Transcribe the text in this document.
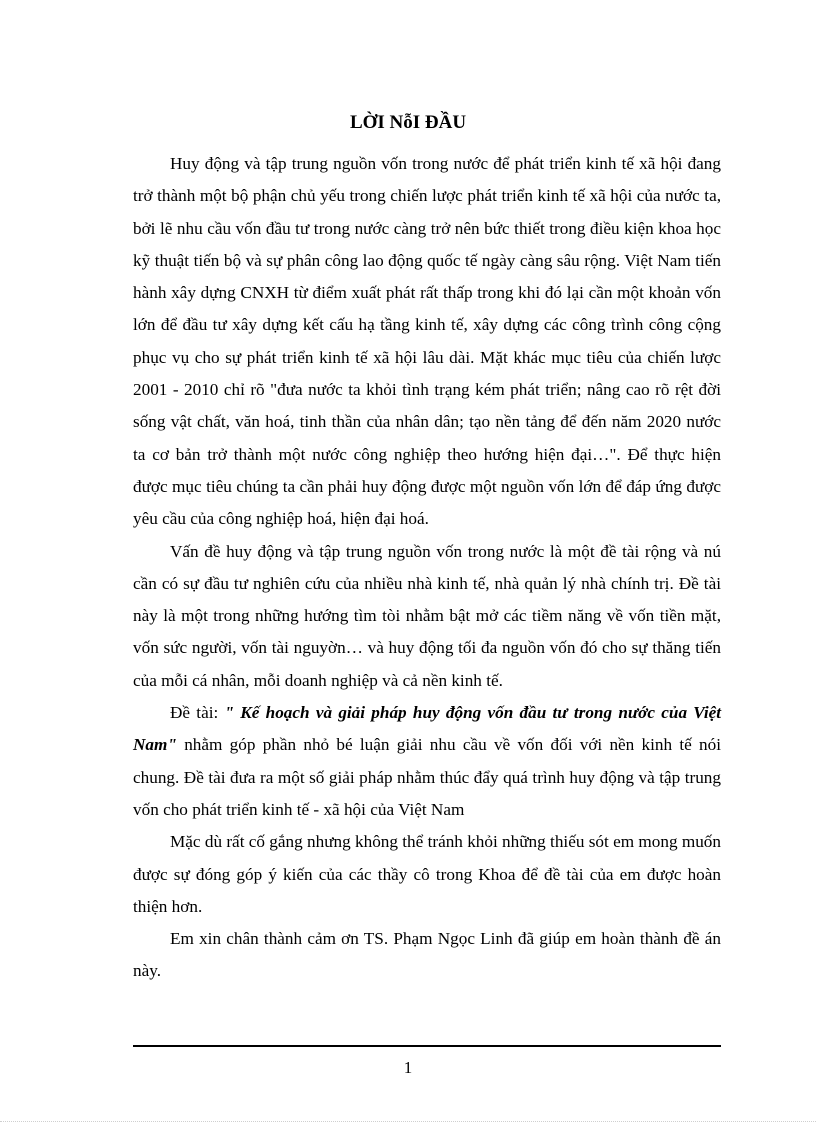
LỜI NỗI ĐẦU

Huy động và tập trung nguồn vốn trong nước để phát triển kinh tế xã hội đang trở thành một bộ phận chủ yếu trong chiến lược phát triển kinh tế xã hội của nước ta, bởi lẽ nhu cầu vốn đầu tư trong nước càng trở nên bức thiết trong điều kiện khoa học kỹ thuật tiến bộ và sự phân công lao động quốc tế ngày càng sâu rộng. Việt Nam tiến hành xây dựng CNXH từ điểm xuất phát rất thấp trong khi đó lại cần một khoản vốn lớn để đầu tư xây dựng kết cấu hạ tầng kinh tế, xây dựng các công trình công cộng phục vụ cho sự phát triển kinh tế xã hội lâu dài. Mặt khác mục tiêu của chiến lược 2001 - 2010 chỉ rõ "đưa nước ta khỏi tình trạng kém phát triển; nâng cao rõ rệt đời sống vật chất, văn hoá, tinh thần của nhân dân; tạo nền tảng để đến năm 2020 nước ta cơ bản trở thành một nước công nghiệp theo hướng hiện đại…". Để thực hiện được mục tiêu chúng ta cần phải huy động được một nguồn vốn lớn để đáp ứng được yêu cầu của công nghiệp hoá, hiện đại hoá.

Vấn đề huy động và tập trung nguồn vốn trong nước là một đề tài rộng và nú cần có sự đầu tư nghiên cứu của nhiều nhà kinh tế, nhà quản lý nhà chính trị. Đề tài này là một trong những hướng tìm tòi nhằm bật mở các tiềm năng về vốn tiền mặt, vốn sức người, vốn tài nguyờn… và huy động tối đa nguồn vốn đó cho sự thăng tiến của mỗi cá nhân, mỗi doanh nghiệp và cả nền kinh tế.

Đề tài: " Kế hoạch và giải pháp huy động vốn đầu tư trong nước của Việt Nam" nhằm góp phần nhỏ bé luận giải nhu cầu về vốn đối với nền kinh tế nói chung. Đề tài đưa ra một số giải pháp nhằm thúc đẩy quá trình huy động và tập trung vốn cho phát triển kinh tế - xã hội của Việt Nam

Mặc dù rất cố gắng nhưng không thể tránh khỏi những thiếu sót em mong muốn được sự đóng góp ý kiến của các thầy cô trong Khoa để đề tài của em được hoàn thiện hơn.

Em xin chân thành cảm ơn TS. Phạm Ngọc Linh đã giúp em hoàn thành đề án này.

1
